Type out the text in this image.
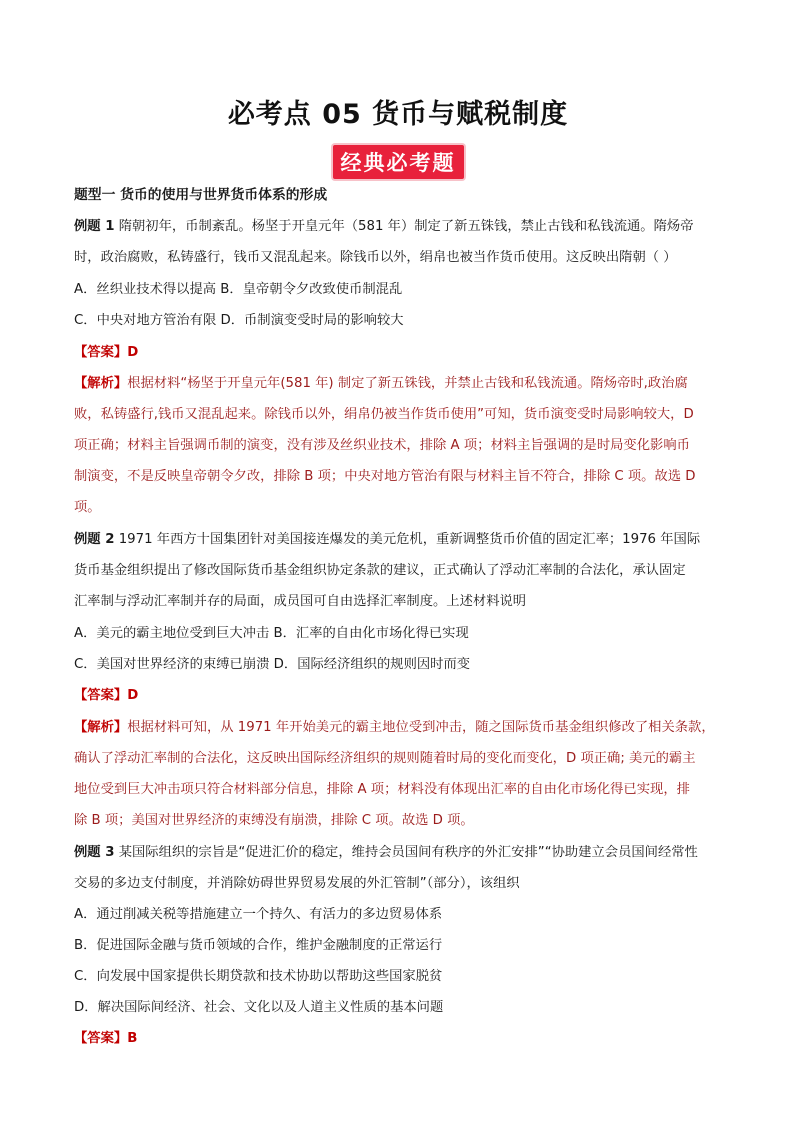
必考点 05 货币与赋税制度
经典必考题
题型一 货币的使用与世界货币体系的形成
例题 1 隋朝初年，币制紊乱。杨坚于开皇元年（581 年）制定了新五铢钱，禁止古钱和私钱流通。隋炀帝
时，政治腐败，私铸盛行，钱币又混乱起来。除钱币以外，绢帛也被当作货币使用。这反映出隋朝（ ）
A．丝织业技术得以提高 B．皇帝朝令夕改致使币制混乱
C．中央对地方管治有限 D．币制演变受时局的影响较大
【答案】D
【解析】根据材料“杨坚于开皇元年(581 年) 制定了新五铢钱，并禁止古钱和私钱流通。隋炀帝时,政治腐
败，私铸盛行,钱币又混乱起来。除钱币以外，绢帛仍被当作货币使用”可知，货币演变受时局影响较大，D
项正确；材料主旨强调币制的演变，没有涉及丝织业技术，排除 A 项；材料主旨强调的是时局变化影响币
制演变，不是反映皇帝朝令夕改，排除 B 项；中央对地方管治有限与材料主旨不符合，排除 C 项。故选 D
项。
例题 2 1971 年西方十国集团针对美国接连爆发的美元危机，重新调整货币价值的固定汇率；1976 年国际
货币基金组织提出了修改国际货币基金组织协定条款的建议，正式确认了浮动汇率制的合法化，承认固定
汇率制与浮动汇率制并存的局面，成员国可自由选择汇率制度。上述材料说明
A．美元的霸主地位受到巨大冲击 B．汇率的自由化市场化得已实现
C．美国对世界经济的束缚已崩溃 D．国际经济组织的规则因时而变
【答案】D
【解析】根据材料可知，从 1971 年开始美元的霸主地位受到冲击，随之国际货币基金组织修改了相关条款，
确认了浮动汇率制的合法化，这反映出国际经济组织的规则随着时局的变化而变化，D 项正确; 美元的霸主
地位受到巨大冲击项只符合材料部分信息，排除 A 项；材料没有体现出汇率的自由化市场化得已实现，排
除 B 项；美国对世界经济的束缚没有崩溃，排除 C 项。故选 D 项。
例题 3 某国际组织的宗旨是“促进汇价的稳定，维持会员国间有秩序的外汇安排”“协助建立会员国间经常性
交易的多边支付制度，并消除妨碍世界贸易发展的外汇管制”（部分），该组织
A．通过削减关税等措施建立一个持久、有活力的多边贸易体系
B．促进国际金融与货币领域的合作，维护金融制度的正常运行
C．向发展中国家提供长期贷款和技术协助以帮助这些国家脱贫
D．解决国际间经济、社会、文化以及人道主义性质的基本问题
【答案】B
